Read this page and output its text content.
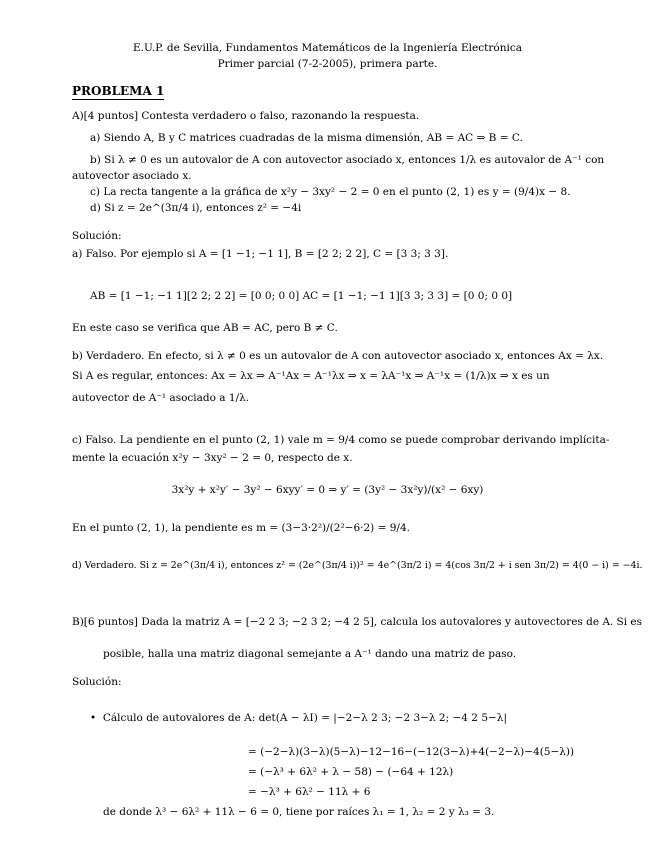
E.U.P. de Sevilla, Fundamentos Matemáticos de la Ingeniería Electrónica
Primer parcial (7-2-2005), primera parte.
PROBLEMA 1
A)[4 puntos] Contesta verdadero o falso, razonando la respuesta.
a) Siendo A, B y C matrices cuadradas de la misma dimensión, AB = AC ⇒ B = C.
b) Si λ ≠ 0 es un autovalor de A con autovector asociado x, entonces 1/λ es autovalor de A⁻¹ con
autovector asociado x.
c) La recta tangente a la gráfica de x²y − 3xy² − 2 = 0 en el punto (2, 1) es y = (9/4)x − 8.
d) Si z = 2e^(3π/4 i), entonces z² = −4i
Solución:
a) Falso. Por ejemplo si A = [1 −1; −1 1], B = [2 2; 2 2], C = [3 3; 3 3].
AB = [1 −1; −1 1][2 2; 2 2] = [0 0; 0 0] AC = [1 −1; −1 1][3 3; 3 3] = [0 0; 0 0]
En este caso se verifica que AB = AC, pero B ≠ C.
b) Verdadero. En efecto, si λ ≠ 0 es un autovalor de A con autovector asociado x, entonces Ax = λx.
Si A es regular, entonces: Ax = λx ⇒ A⁻¹Ax = A⁻¹λx ⇒ x = λA⁻¹x ⇒ A⁻¹x = (1/λ)x ⇒ x es un
autovector de A⁻¹ asociado a 1/λ.
c) Falso. La pendiente en el punto (2, 1) vale m = 9/4 como se puede comprobar derivando implícita-
mente la ecuación x²y − 3xy² − 2 = 0, respecto de x.
3x²y + x²y′ − 3y² − 6xyy′ = 0 ⇒ y′ = (3y² − 3x²y)/(x² − 6xy)
En el punto (2, 1), la pendiente es m = (3−3·2²)/(2²−6·2) = 9/4.
d) Verdadero. Si z = 2e^(3π/4 i), entonces z² = (2e^(3π/4 i))² = 4e^(3π/2 i) = 4(cos 3π/2 + i sen 3π/2) = 4(0 − i) = −4i.
B)[6 puntos] Dada la matriz A = [−2 2 3; −2 3 2; −4 2 5], calcula los autovalores y autovectores de A. Si es
posible, halla una matriz diagonal semejante a A⁻¹ dando una matriz de paso.
Solución:
•  Cálculo de autovalores de A: det(A − λI) = |−2−λ 2 3; −2 3−λ 2; −4 2 5−λ|
= (−2−λ)(3−λ)(5−λ)−12−16−(−12(3−λ)+4(−2−λ)−4(5−λ))
= (−λ³ + 6λ² + λ − 58) − (−64 + 12λ)
= −λ³ + 6λ² − 11λ + 6
de donde λ³ − 6λ² + 11λ − 6 = 0, tiene por raíces λ₁ = 1, λ₂ = 2 y λ₃ = 3.
